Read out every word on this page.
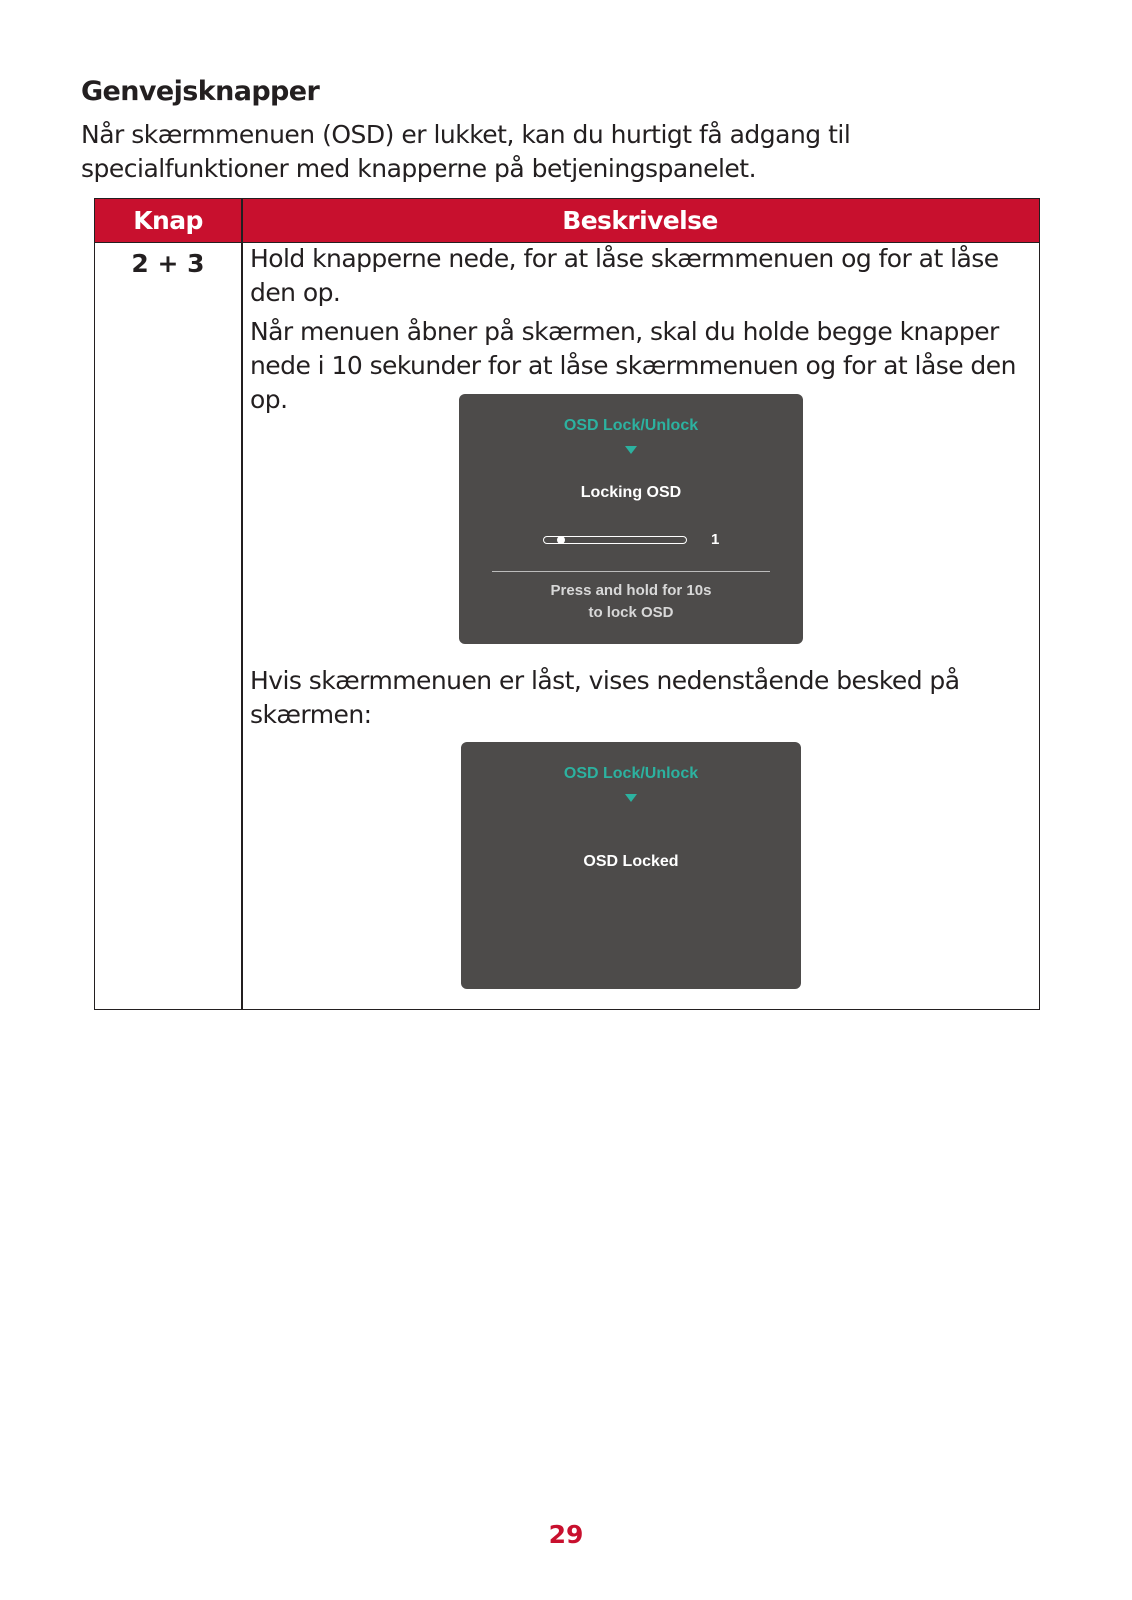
Genvejsknapper

Når skærmmenuen (OSD) er lukket, kan du hurtigt få adgang til specialfunktioner med knapperne på betjeningspanelet.

Knap	Beskrivelse
2 + 3	Hold knapperne nede, for at låse skærmmenuen og for at låse den op.

Når menuen åbner på skærmen, skal du holde begge knapper nede i 10 sekunder for at låse skærmmenuen og for at låse den op.

OSD Lock/Unlock
Locking OSD
1
Press and hold for 10s
to lock OSD

Hvis skærmmenuen er låst, vises nedenstående besked på skærmen:

OSD Lock/Unlock
OSD Locked
29
